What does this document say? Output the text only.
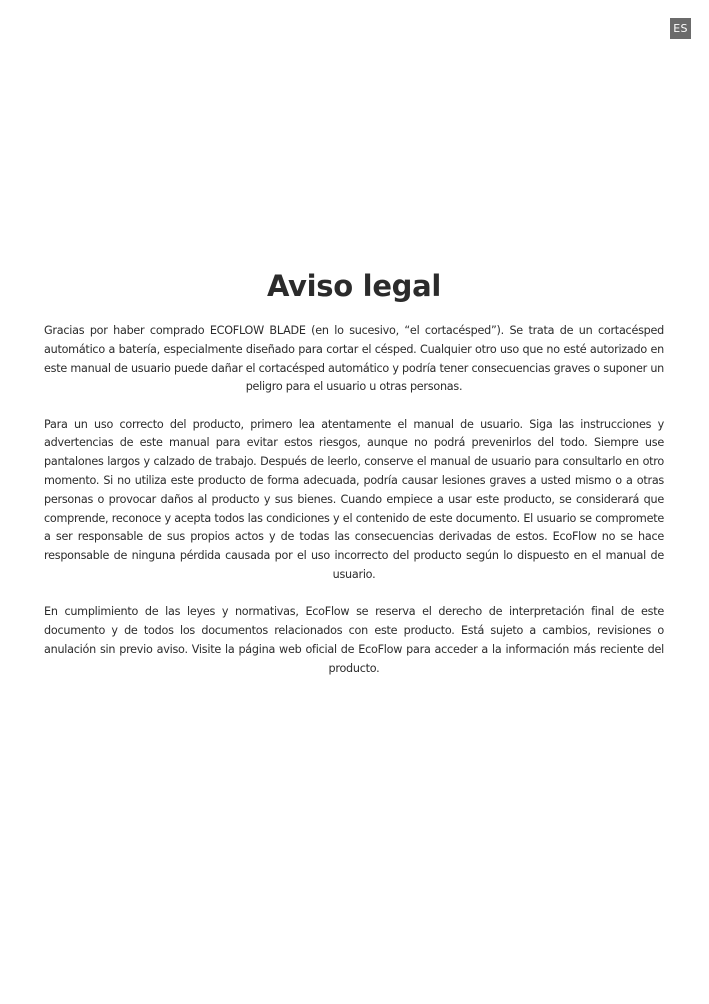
ES
Aviso legal

Gracias por haber comprado ECOFLOW BLADE (en lo sucesivo, “el cortacésped”). Se trata de un cortacésped automático a batería, especialmente diseñado para cortar el césped. Cualquier otro uso que no esté autorizado en este manual de usuario puede dañar el cortacésped automático y podría tener consecuencias graves o suponer un peligro para el usuario u otras personas.

Para un uso correcto del producto, primero lea atentamente el manual de usuario. Siga las instrucciones y advertencias de este manual para evitar estos riesgos, aunque no podrá prevenirlos del todo. Siempre use pantalones largos y calzado de trabajo. Después de leerlo, conserve el manual de usuario para consultarlo en otro momento. Si no utiliza este producto de forma adecuada, podría causar lesiones graves a usted mismo o a otras personas o provocar daños al producto y sus bienes. Cuando empiece a usar este producto, se considerará que comprende, reconoce y acepta todos las condiciones y el contenido de este documento. El usuario se compromete a ser responsable de sus propios actos y de todas las consecuencias derivadas de estos. EcoFlow no se hace responsable de ninguna pérdida causada por el uso incorrecto del producto según lo dispuesto en el manual de usuario.

En cumplimiento de las leyes y normativas, EcoFlow se reserva el derecho de interpretación final de este documento y de todos los documentos relacionados con este producto. Está sujeto a cambios, revisiones o anulación sin previo aviso. Visite la página web oficial de EcoFlow para acceder a la información más reciente del producto.
